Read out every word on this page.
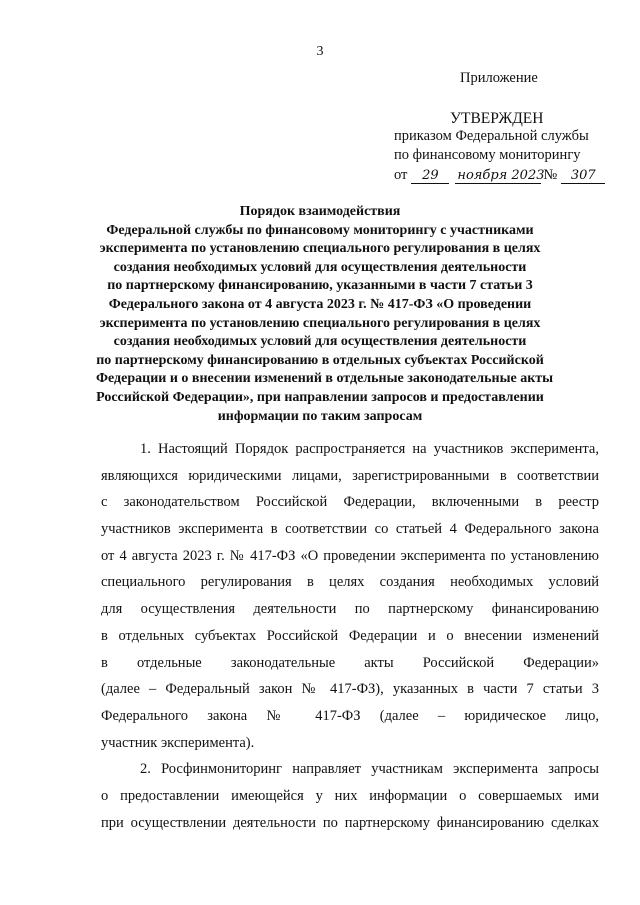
3
Приложение
УТВЕРЖДЕН
приказом Федеральной службы
по финансовому мониторингу
от	29	ноября 2023
№	307
Порядок взаимодействия
Федеральной службы по финансовому мониторингу с участниками
эксперимента по установлению специального регулирования в целях
создания необходимых условий для осуществления деятельности
по партнерскому финансированию, указанными в части 7 статьи 3
Федерального закона от 4 августа 2023 г. № 417-ФЗ «О проведении
эксперимента по установлению специального регулирования в целях
создания необходимых условий для осуществления деятельности
по партнерскому финансированию в отдельных субъектах Российской
Федерации и о внесении изменений в отдельные законодательные акты
Российской Федерации», при направлении запросов и предоставлении
информации по таким запросам
1. Настоящий Порядок распространяется на участников эксперимента,
являющихся юридическими лицами, зарегистрированными в соответствии
с законодательством Российской Федерации, включенными в реестр
участников эксперимента в соответствии со статьей 4 Федерального закона
от 4 августа 2023 г. № 417-ФЗ «О проведении эксперимента по установлению
специального регулирования в целях создания необходимых условий
для осуществления деятельности по партнерскому финансированию
в отдельных субъектах Российской Федерации и о внесении изменений
в отдельные законодательные акты Российской Федерации»
(далее – Федеральный закон № 417-ФЗ), указанных в части 7 статьи 3
Федерального закона № 417-ФЗ (далее – юридическое лицо,
участник эксперимента).
2. Росфинмониторинг направляет участникам эксперимента запросы
о предоставлении имеющейся у них информации о совершаемых ими
при осуществлении деятельности по партнерскому финансированию сделках
